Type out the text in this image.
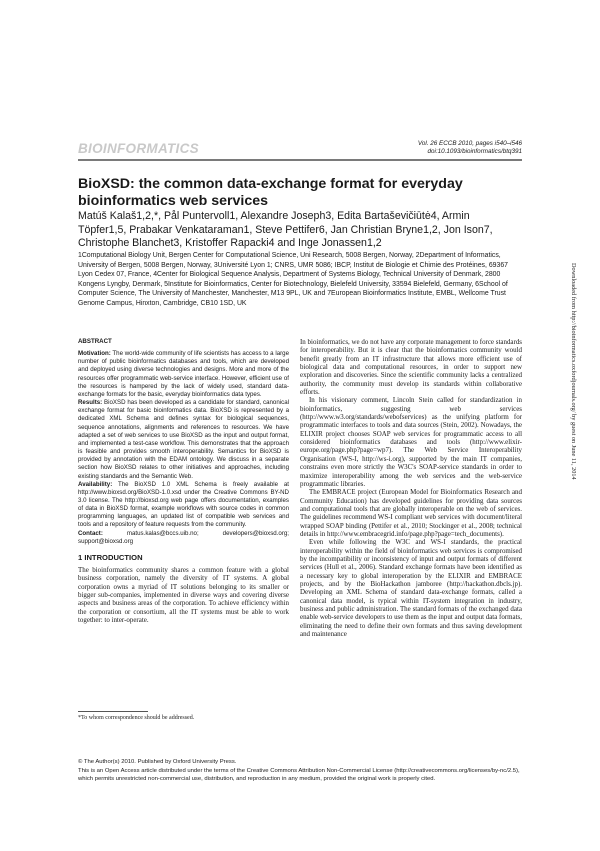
BIOINFORMATICS	Vol. 26 ECCB 2010, pages i540–i546
doi:10.1093/bioinformatics/btq391
BioXSD: the common data-exchange format for everyday bioinformatics web services
Matúš Kalaš1,2,*, Pål Puntervoll1, Alexandre Joseph3, Edita Bartaševičiūtė4, Armin Töpfer1,5, Prabakar Venkataraman1, Steve Pettifer6, Jan Christian Bryne1,2, Jon Ison7, Christophe Blanchet3, Kristoffer Rapacki4 and Inge Jonassen1,2

1Computational Biology Unit, Bergen Center for Computational Science, Uni Research, 5008 Bergen, Norway, 2Department of Informatics, University of Bergen, 5008 Bergen, Norway, 3Université Lyon 1; CNRS, UMR 5086; IBCP, Institut de Biologie et Chimie des Protéines, 69367 Lyon Cedex 07, France, 4Center for Biological Sequence Analysis, Department of Systems Biology, Technical University of Denmark, 2800 Kongens Lyngby, Denmark, 5Institute for Bioinformatics, Center for Biotechnology, Bielefeld University, 33594 Bielefeld, Germany, 6School of Computer Science, The University of Manchester, Manchester, M13 9PL, UK and 7European Bioinformatics Institute, EMBL, Wellcome Trust Genome Campus, Hinxton, Cambridge, CB10 1SD, UK

ABSTRACT

Motivation: The world-wide community of life scientists has access to a large number of public bioinformatics databases and tools, which are developed and deployed using diverse technologies and designs. More and more of the resources offer programmatic web-service interface. However, efficient use of the resources is hampered by the lack of widely used, standard data-exchange formats for the basic, everyday bioinformatics data types.

Results: BioXSD has been developed as a candidate for standard, canonical exchange format for basic bioinformatics data. BioXSD is represented by a dedicated XML Schema and defines syntax for biological sequences, sequence annotations, alignments and references to resources. We have adapted a set of web services to use BioXSD as the input and output format, and implemented a test-case workflow. This demonstrates that the approach is feasible and provides smooth interoperability. Semantics for BioXSD is provided by annotation with the EDAM ontology. We discuss in a separate section how BioXSD relates to other initiatives and approaches, including existing standards and the Semantic Web.

Availability: The BioXSD 1.0 XML Schema is freely available at http://www.bioxsd.org/BioXSD-1.0.xsd under the Creative Commons BY-ND 3.0 license. The http://bioxsd.org web page offers documentation, examples of data in BioXSD format, example workflows with source codes in common programming languages, an updated list of compatible web services and tools and a repository of feature requests from the community.

Contact:	matus.kalas@bccs.uib.no; developers@bioxsd.org; support@bioxsd.org

1 INTRODUCTION

The bioinformatics community shares a common feature with a global business corporation, namely the diversity of IT systems. A global corporation owns a myriad of IT solutions belonging to its smaller or bigger sub-companies, implemented in diverse ways and covering diverse aspects and business areas of the corporation. To achieve efficiency within the corporation or consortium, all the IT systems must be able to work together: to inter-operate.

*To whom correspondence should be addressed.

In bioinformatics, we do not have any corporate management to force standards for interoperability. But it is clear that the bioinformatics community would benefit greatly from an IT infrastructure that allows more efficient use of biological data and computational resources, in order to support new exploration and discoveries. Since the scientific community lacks a centralized authority, the community must develop its standards within collaborative efforts.

In his visionary comment, Lincoln Stein called for standardization in bioinformatics, suggesting web services (http://www.w3.org/standards/webofservices) as the unifying platform for programmatic interfaces to tools and data sources (Stein, 2002). Nowadays, the ELIXIR project chooses SOAP web services for programmatic access to all considered bioinformatics databases and tools (http://www.elixir-europe.org/page.php?page=wp7). The Web Service Interoperability Organisation (WS-I, http://ws-i.org), supported by the main IT companies, constrains even more strictly the W3C's SOAP-service standards in order to maximize interoperability among the web services and the web-service programmatic libraries.

The EMBRACE project (European Model for Bioinformatics Research and Community Education) has developed guidelines for providing data sources and computational tools that are globally interoperable on the web of services. The guidelines recommend WS-I compliant web services with document/literal wrapped SOAP binding (Pettifer et al., 2010; Stockinger et al., 2008; technical details in http://www.embracegrid.info/page.php?page=tech_documents).

Even while following the W3C and WS-I standards, the practical interoperability within the field of bioinformatics web services is compromised by the incompatibility or inconsistency of input and output formats of different services (Hull et al., 2006). Standard exchange formats have been identified as a necessary key to global interoperation by the ELIXIR and EMBRACE projects, and by the BioHackathon jamboree (http://hackathon.dbcls.jp). Developing an XML Schema of standard data-exchange formats, called a canonical data model, is typical within IT-system integration in industry, business and public administration. The standard formats of the exchanged data enable web-service developers to use them as the input and output data formats, eliminating the need to define their own formats and thus saving development and maintenance

© The Author(s) 2010. Published by Oxford University Press.

This is an Open Access article distributed under the terms of the Creative Commons Attribution Non-Commercial License (http://creativecommons.org/licenses/by-nc/2.5), which permits unrestricted non-commercial use, distribution, and reproduction in any medium, provided the original work is properly cited.

Downloaded from http://bioinformatics.oxfordjournals.org/ by guest on June 11, 2014
